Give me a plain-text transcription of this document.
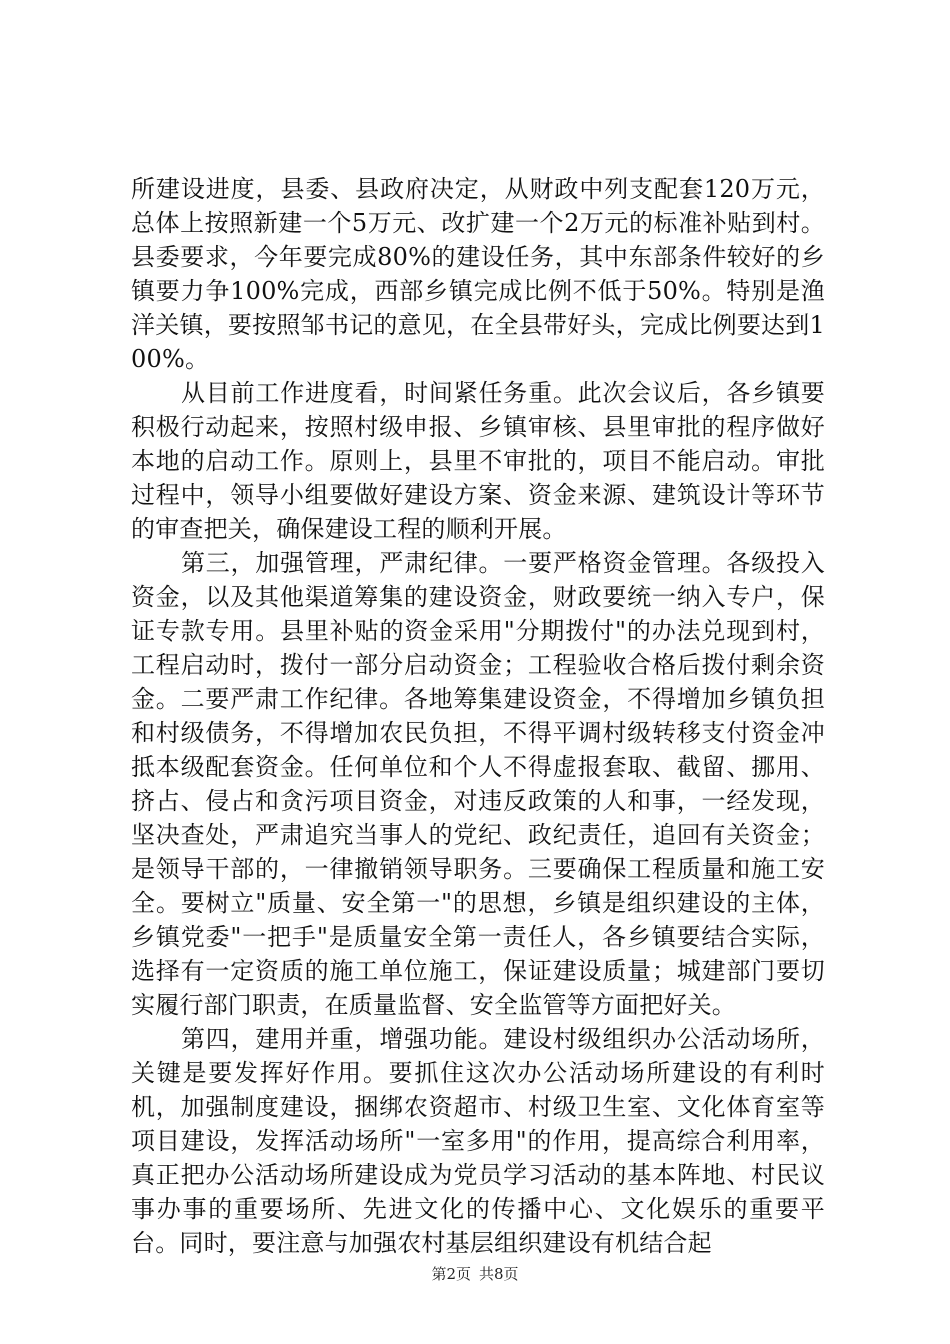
所建设进度，县委、县政府决定，从财政中列支配套120万元，总体上按照新建一个5万元、改扩建一个2万元的标准补贴到村。县委要求，今年要完成80%的建设任务，其中东部条件较好的乡镇要力争100%完成，西部乡镇完成比例不低于50%。特别是渔洋关镇，要按照邹书记的意见，在全县带好头，完成比例要达到100%。

从目前工作进度看，时间紧任务重。此次会议后，各乡镇要积极行动起来，按照村级申报、乡镇审核、县里审批的程序做好本地的启动工作。原则上，县里不审批的，项目不能启动。审批过程中，领导小组要做好建设方案、资金来源、建筑设计等环节的审查把关，确保建设工程的顺利开展。

第三，加强管理，严肃纪律。一要严格资金管理。各级投入资金，以及其他渠道筹集的建设资金，财政要统一纳入专户，保证专款专用。县里补贴的资金采用"分期拨付"的办法兑现到村，工程启动时，拨付一部分启动资金；工程验收合格后拨付剩余资金。二要严肃工作纪律。各地筹集建设资金，不得增加乡镇负担和村级债务，不得增加农民负担，不得平调村级转移支付资金冲抵本级配套资金。任何单位和个人不得虚报套取、截留、挪用、挤占、侵占和贪污项目资金，对违反政策的人和事，一经发现，坚决查处，严肃追究当事人的党纪、政纪责任，追回有关资金；是领导干部的，一律撤销领导职务。三要确保工程质量和施工安全。要树立"质量、安全第一"的思想，乡镇是组织建设的主体，乡镇党委"一把手"是质量安全第一责任人，各乡镇要结合实际，选择有一定资质的施工单位施工，保证建设质量；城建部门要切实履行部门职责，在质量监督、安全监管等方面把好关。

第四，建用并重，增强功能。建设村级组织办公活动场所，关键是要发挥好作用。要抓住这次办公活动场所建设的有利时机，加强制度建设，捆绑农资超市、村级卫生室、文化体育室等项目建设，发挥活动场所"一室多用"的作用，提高综合利用率，真正把办公活动场所建设成为党员学习活动的基本阵地、村民议事办事的重要场所、先进文化的传播中心、文化娱乐的重要平台。同时，要注意与加强农村基层组织建设有机结合起

第2页 共8页
